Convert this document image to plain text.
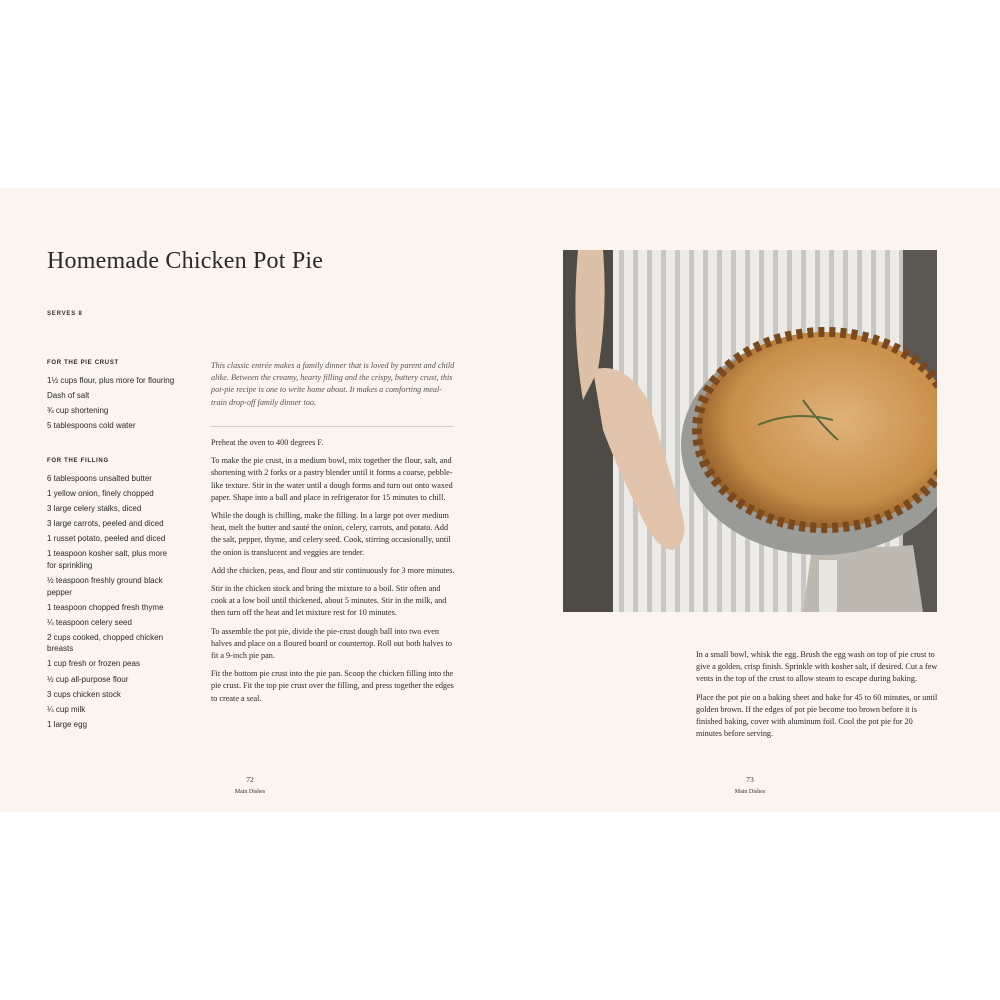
Homemade Chicken Pot Pie
SERVES 8
FOR THE PIE CRUST
1½ cups flour, plus more for flouring
Dash of salt
¾ cup shortening
5 tablespoons cold water
FOR THE FILLING
6 tablespoons unsalted butter
1 yellow onion, finely chopped
3 large celery stalks, diced
3 large carrots, peeled and diced
1 russet potato, peeled and diced
1 teaspoon kosher salt, plus more for sprinkling
½ teaspoon freshly ground black pepper
1 teaspoon chopped fresh thyme
¼ teaspoon celery seed
2 cups cooked, chopped chicken breasts
1 cup fresh or frozen peas
½ cup all-purpose flour
3 cups chicken stock
¼ cup milk
1 large egg
This classic entrée makes a family dinner that is loved by parent and child alike. Between the creamy, hearty filling and the crispy, buttery crust, this pot-pie recipe is one to write home about. It makes a comforting meal-train drop-off family dinner too.

Preheat the oven to 400 degrees F.

To make the pie crust, in a medium bowl, mix together the flour, salt, and shortening with 2 forks or a pastry blender until it forms a coarse, pebble-like texture. Stir in the water until a dough forms and turn out onto waxed paper. Shape into a ball and place in refrigerator for 15 minutes to chill.

While the dough is chilling, make the filling. In a large pot over medium heat, melt the butter and sauté the onion, celery, carrots, and potato. Add the salt, pepper, thyme, and celery seed. Cook, stirring occasionally, until the onion is translucent and veggies are tender.

Add the chicken, peas, and flour and stir continuously for 3 more minutes.

Stir in the chicken stock and bring the mixture to a boil. Stir often and cook at a low boil until thickened, about 5 minutes. Stir in the milk, and then turn off the heat and let mixture rest for 10 minutes.

To assemble the pot pie, divide the pie-crust dough ball into two even halves and place on a floured board or countertop. Roll out both halves to fit a 9-inch pie pan.

Fit the bottom pie crust into the pie pan. Scoop the chicken filling into the pie crust. Fit the top pie crust over the filling, and press together the edges to create a seal.

In a small bowl, whisk the egg. Brush the egg wash on top of pie crust to give a golden, crisp finish. Sprinkle with kosher salt, if desired. Cut a few vents in the top of the crust to allow steam to escape during baking.

Place the pot pie on a baking sheet and bake for 45 to 60 minutes, or until golden brown. If the edges of pot pie become too brown before it is finished baking, cover with aluminum foil. Cool the pot pie for 20 minutes before serving.

72
Main Dishes
73
Main Dishes
